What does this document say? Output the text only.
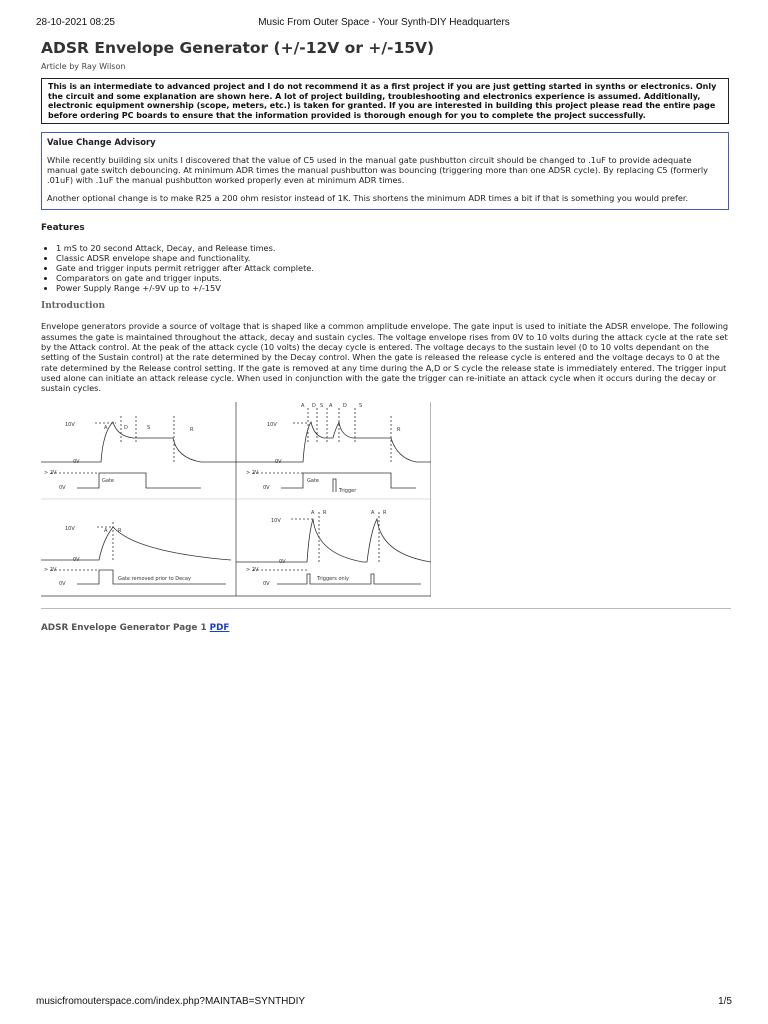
28-10-2021 08:25	Music From Outer Space - Your Synth-DIY Headquarters
ADSR Envelope Generator (+/-12V or +/-15V)
Article by Ray Wilson
This is an intermediate to advanced project and I do not recommend it as a first project if you are just getting started in synths or electronics. Only the circuit and some explanation are shown here. A lot of project building, troubleshooting and electronics experience is assumed. Additionally, electronic equipment ownership (scope, meters, etc.) is taken for granted. If you are interested in building this project please read the entire page before ordering PC boards to ensure that the information provided is thorough enough for you to complete the project successfully.
Value Change Advisory

While recently building six units I discovered that the value of C5 used in the manual gate pushbutton circuit should be changed to .1uF to provide adequate manual gate switch debouncing. At minimum ADR times the manual pushbutton was bouncing (triggering more than one ADSR cycle). By replacing C5 (formerly .01uF) with .1uF the manual pushbutton worked properly even at minimum ADR times.

Another optional change is to make R25 a 200 ohm resistor instead of 1K. This shortens the minimum ADR times a bit if that is something you would prefer.

Features
• 1 mS to 20 second Attack, Decay, and Release times.
• Classic ADSR envelope shape and functionality.
• Gate and trigger inputs permit retrigger after Attack complete.
• Comparators on gate and trigger inputs.
• Power Supply Range +/-9V up to +/-15V
Introduction
Envelope generators provide a source of voltage that is shaped like a common amplitude envelope. The gate input is used to initiate the ADSR envelope. The following assumes the gate is maintained throughout the attack, decay and sustain cycles. The voltage envelope rises from 0V to 10 volts during the attack cycle at the rate set by the Attack control. At the peak of the attack cycle (10 volts) the decay cycle is entered. The voltage decays to the sustain level (0 to 10 volts dependant on the setting of the Sustain control) at the rate determined by the Decay control. When the gate is released the release cycle is entered and the voltage decays to 0 at the rate determined by the Release control setting. If the gate is removed at any time during the A,D or S cycle the release state is immediately entered. The trigger input used alone can initiate an attack release cycle. When used in conjunction with the gate the trigger can re-initiate an attack cycle when it occurs during the decay or sustain cycles.
10V
0V
> 2V
0V
A	D	S	R
Gate
10V
0V
> 2V
0V
A D S A D S
R
Gate
Trigger
10V
0V
> 2V
0V
A R
Gate removed prior to Decay
10V
0V
> 2V
0V
A R	A R
Triggers only
ADSR Envelope Generator Page 1 PDF
musicfromouterspace.com/index.php?MAINTAB=SYNTHDIY	1/5
